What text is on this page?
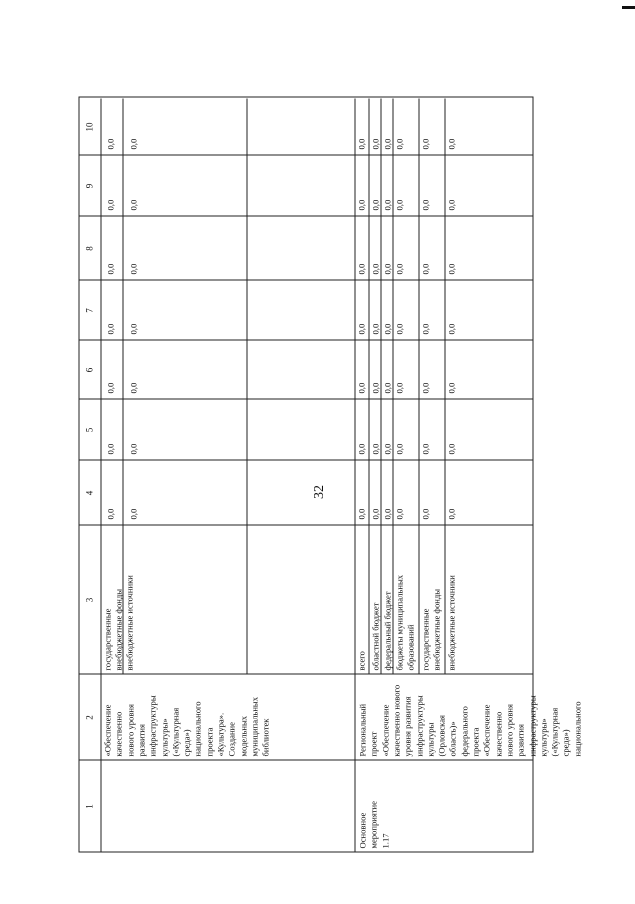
32
1
2
3
4
5
6
7
8
9
10
«Обеспечение качественно нового уровня развития инфраструктуры культуры» («Культурная среда») национального проекта «Культура». Создание модельных муниципальных библиотек
государственные внебюджетные фонды внебюджетные источники
0,0
0,0
0,0
0,0
0,0
0,0
0,0
0,0
0,0
0,0
0,0
0,0
0,0
0,0
Основное мероприятие 1.17
Региональный проект «Обеспечение качественно нового уровня развития инфраструктуры культуры (Орловская область)» федерального проекта «Обеспечение качественно нового уровня развития инфраструктуры культуры» («Культурная среда») национального
всего
0,0
0,0
0,0
0,0
0,0
0,0
0,0
областной бюджет
0,0
0,0
0,0
0,0
0,0
0,0
0,0
федеральный бюджет
0,0
0,0
0,0
0,0
0,0
0,0
0,0
бюджеты муниципальных образований
0,0
0,0
0,0
0,0
0,0
0,0
0,0
государственные внебюджетные фонды
0,0
0,0
0,0
0,0
0,0
0,0
0,0
внебюджетные источники
0,0
0,0
0,0
0,0
0,0
0,0
0,0
